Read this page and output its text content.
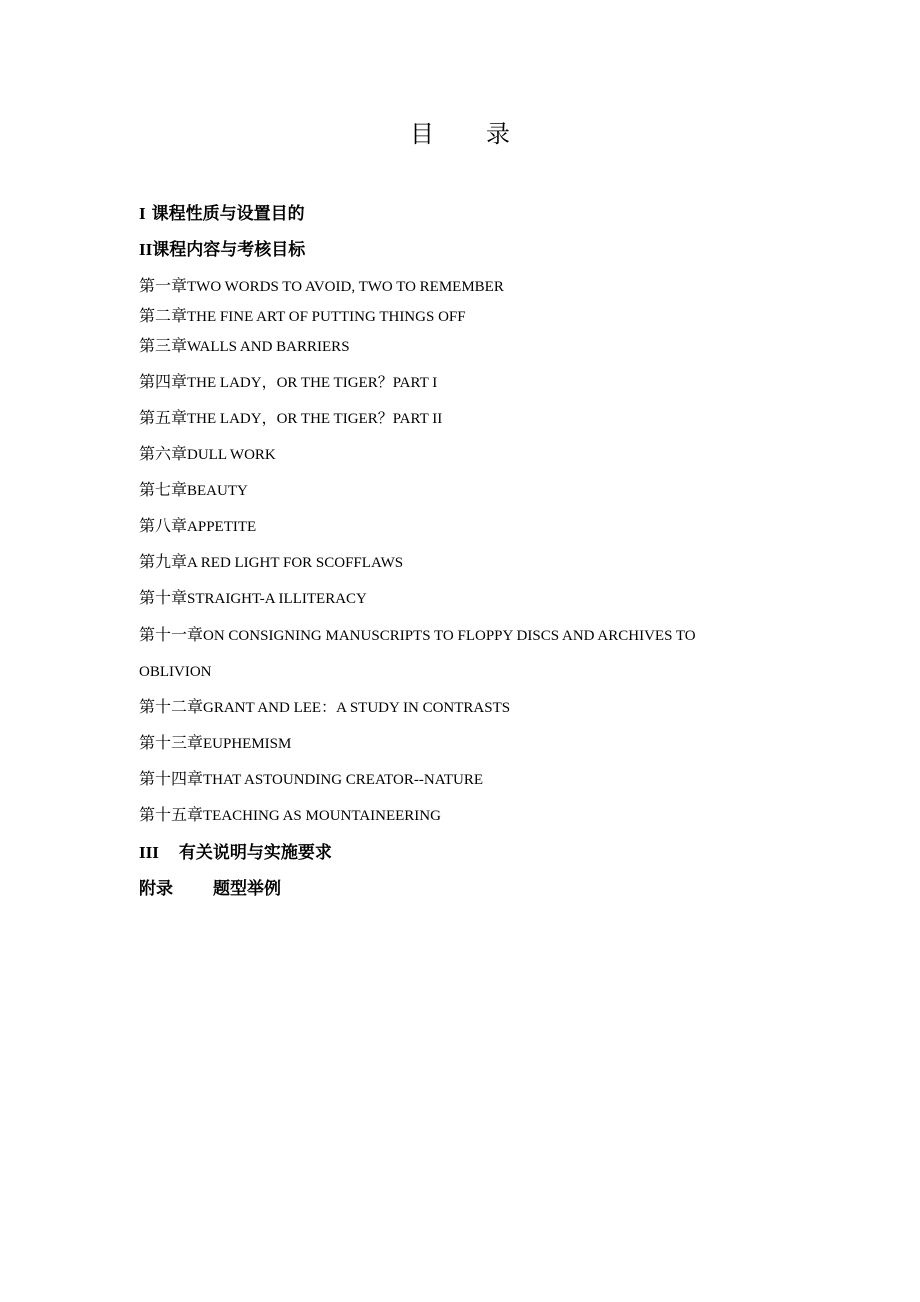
目 录
I 课程性质与设置目的
II课程内容与考核目标
第一章TWO WORDS TO AVOID, TWO TO REMEMBER
第二章THE FINE ART OF PUTTING THINGS OFF
第三章WALLS AND BARRIERS
第四章THE LADY，OR THE TIGER？PART I
第五章THE LADY，OR THE TIGER？PART II
第六章DULL WORK
第七章BEAUTY
第八章APPETITE
第九章A RED LIGHT FOR SCOFFLAWS
第十章STRAIGHT-A ILLITERACY
第十一章ON CONSIGNING MANUSCRIPTS TO FLOPPY DISCS AND ARCHIVES TO
OBLIVION
第十二章GRANT AND LEE：A STUDY IN CONTRASTS
第十三章EUPHEMISM
第十四章THAT ASTOUNDING CREATOR--NATURE
第十五章TEACHING AS MOUNTAINEERING
III 有关说明与实施要求
附录 题型举例
